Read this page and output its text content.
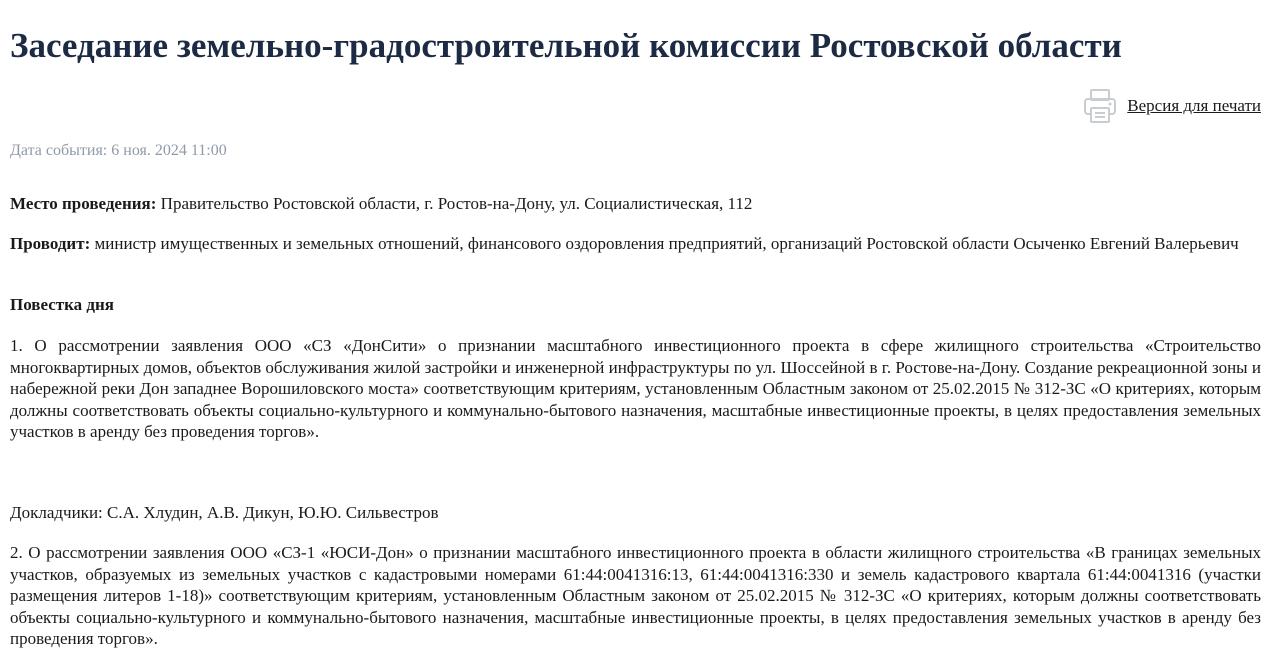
Заседание земельно-градостроительной комиссии Ростовской области
Версия для печати
Дата события: 6 ноя. 2024 11:00
Место проведения: Правительство Ростовской области, г. Ростов-на-Дону, ул. Социалистическая, 112
Проводит: министр имущественных и земельных отношений, финансового оздоровления предприятий, организаций Ростовской области Осыченко Евгений Валерьевич
Повестка дня
1. О рассмотрении заявления ООО «СЗ «ДонСити» о признании масштабного инвестиционного проекта в сфере жилищного строительства «Строительство многоквартирных домов, объектов обслуживания жилой застройки и инженерной инфраструктуры по ул. Шоссейной в г. Ростове-на-Дону. Создание рекреационной зоны и набережной реки Дон западнее Ворошиловского моста» соответствующим критериям, установленным Областным законом от 25.02.2015 № 312-ЗС «О критериях, которым должны соответствовать объекты социально-культурного и коммунально-бытового назначения, масштабные инвестиционные проекты, в целях предоставления земельных участков в аренду без проведения торгов».
Докладчики: С.А. Хлудин, А.В. Дикун, Ю.Ю. Сильвестров
2. О рассмотрении заявления ООО «СЗ-1 «ЮСИ-Дон» о признании масштабного инвестиционного проекта в области жилищного строительства «В границах земельных участков, образуемых из земельных участков с кадастровыми номерами 61:44:0041316:13, 61:44:0041316:330 и земель кадастрового квартала 61:44:0041316 (участки размещения литеров 1-18)» соответствующим критериям, установленным Областным законом от 25.02.2015 № 312-ЗС «О критериях, которым должны соответствовать объекты социально-культурного и коммунально-бытового назначения, масштабные инвестиционные проекты, в целях предоставления земельных участков в аренду без проведения торгов».
